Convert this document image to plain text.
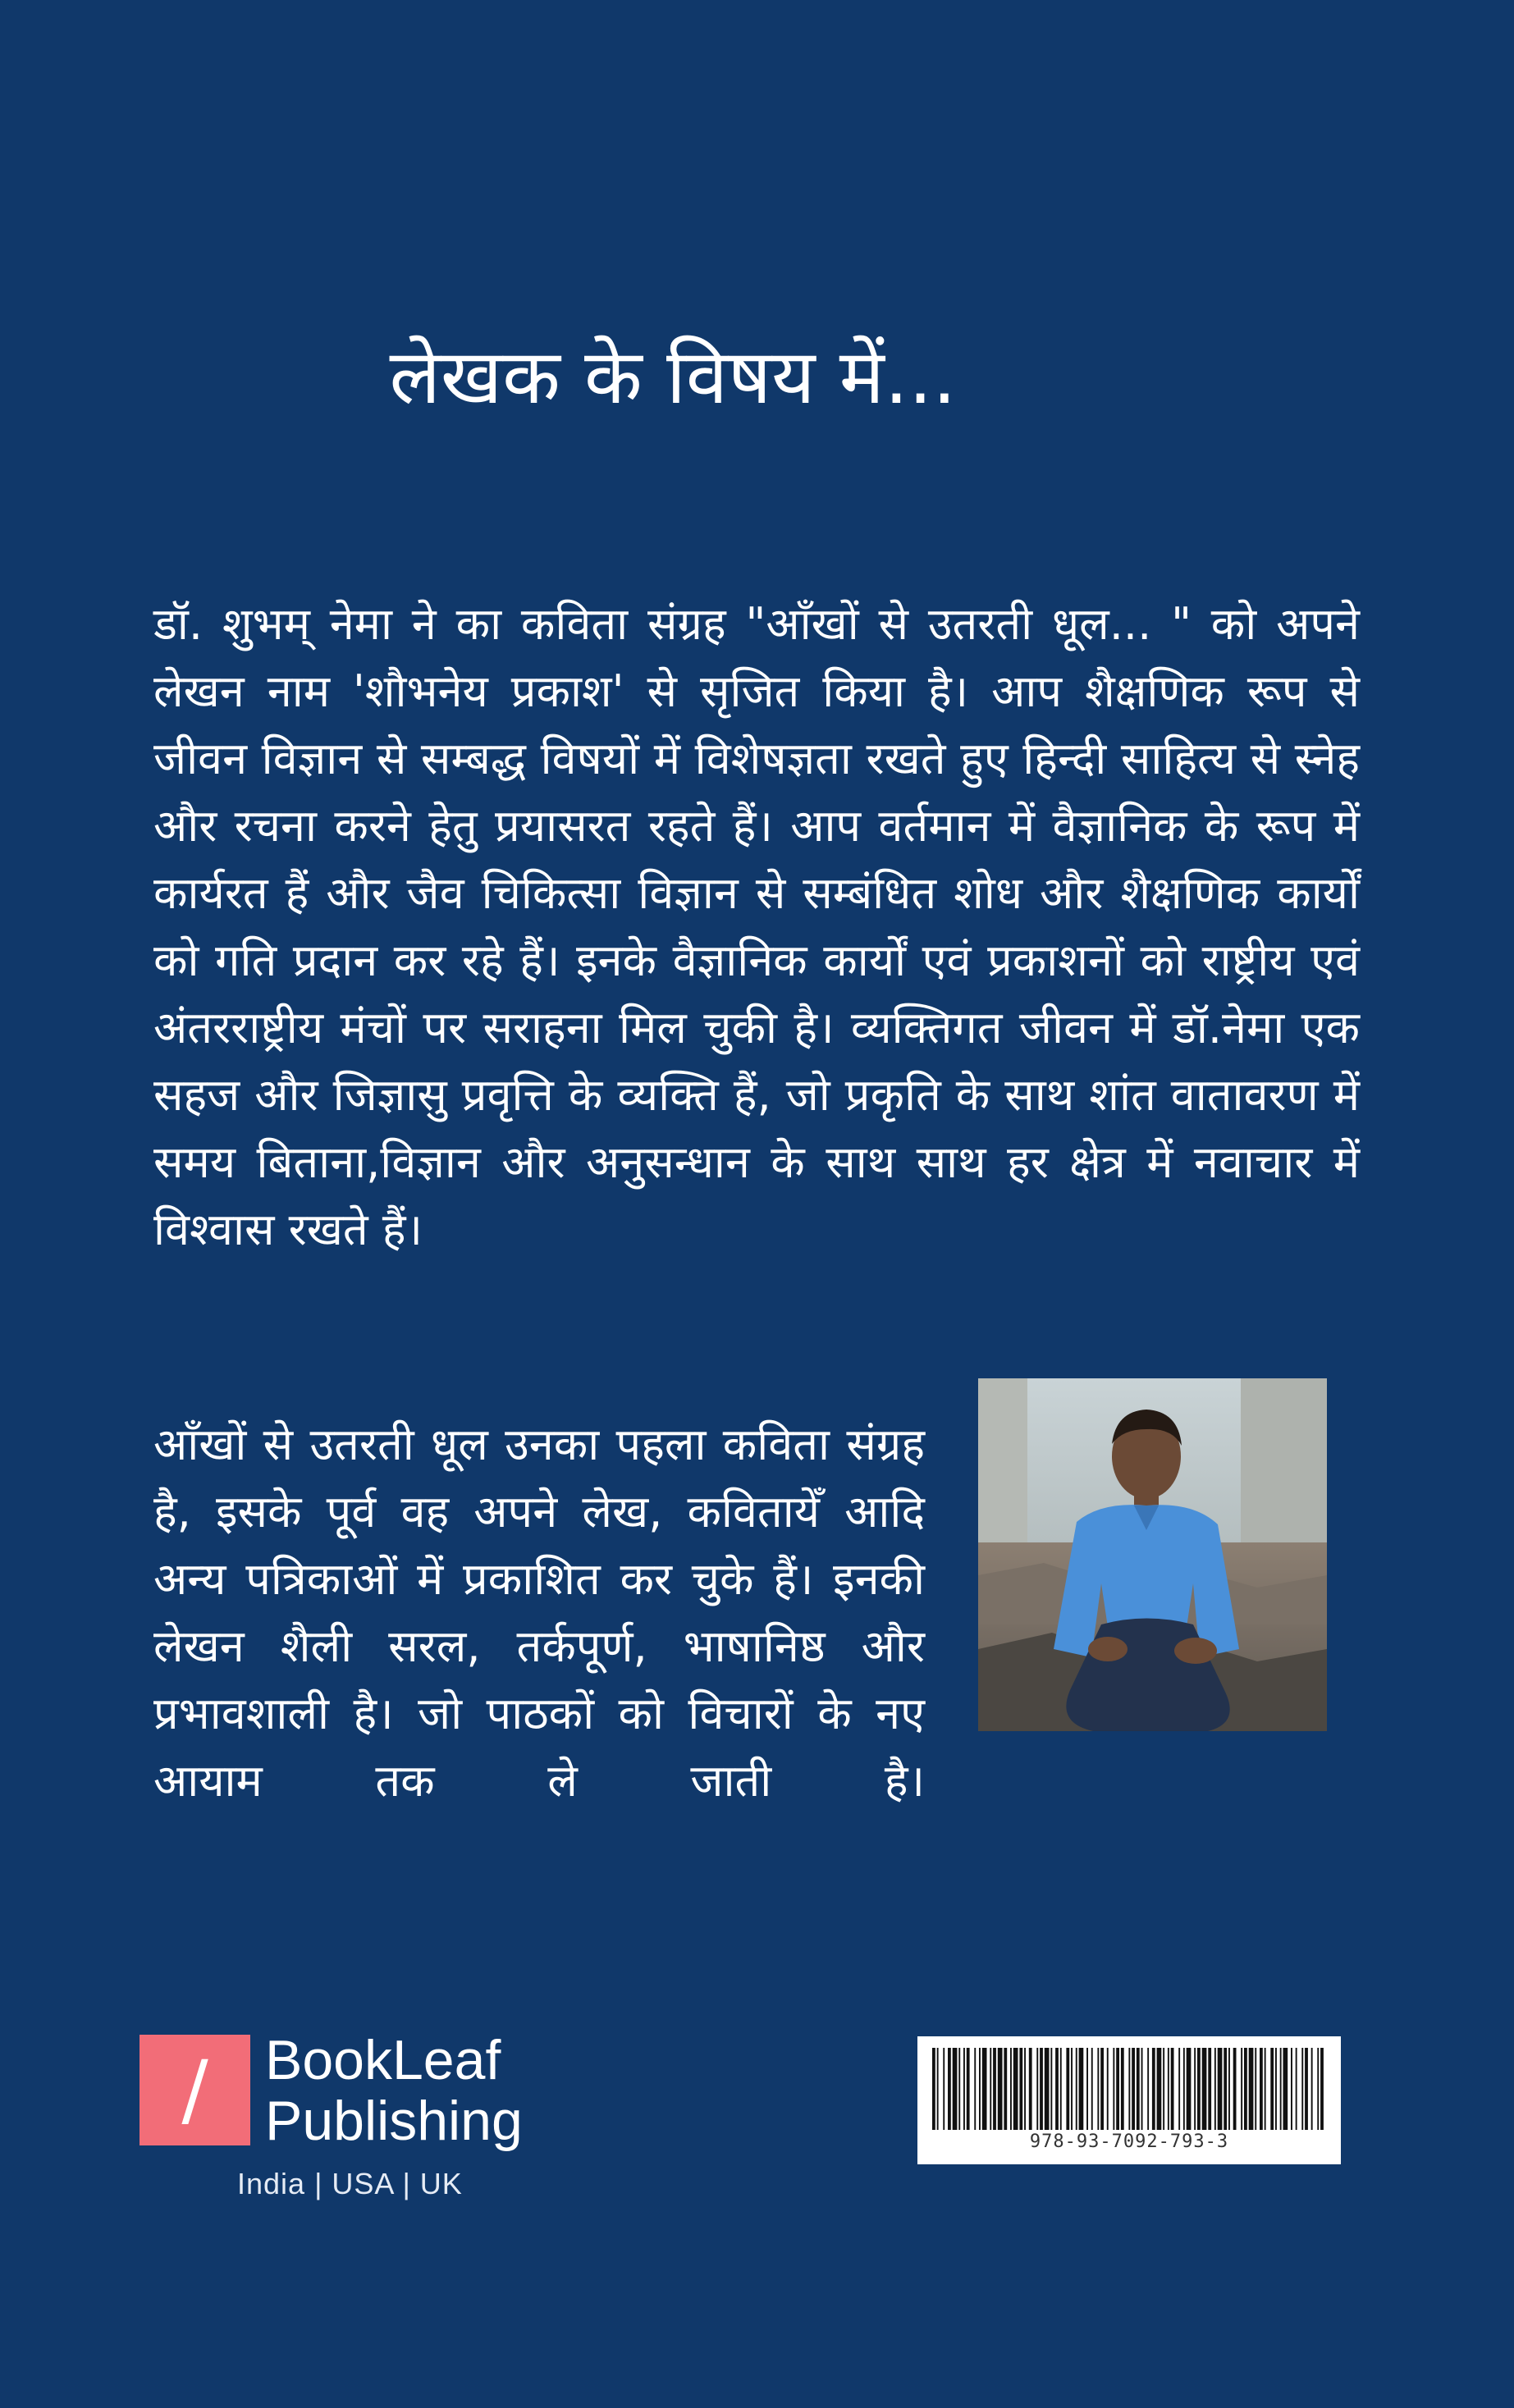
लेखक के विषय में...

डॉ. शुभम् नेमा ने का कविता संग्रह "आँखों से उतरती धूल... " को अपने लेखन नाम 'शौभनेय प्रकाश' से सृजित किया है। आप शैक्षणिक रूप से जीवन विज्ञान से सम्बद्ध विषयों में विशेषज्ञता रखते हुए हिन्दी साहित्य से स्नेह और रचना करने हेतु प्रयासरत रहते हैं। आप वर्तमान में वैज्ञानिक के रूप में कार्यरत हैं और जैव चिकित्सा विज्ञान से सम्बंधित शोध और शैक्षणिक कार्यों को गति प्रदान कर रहे हैं। इनके वैज्ञानिक कार्यों एवं प्रकाशनों को राष्ट्रीय एवं अंतरराष्ट्रीय मंचों पर सराहना मिल चुकी है। व्यक्तिगत जीवन में डॉ.नेमा एक सहज और जिज्ञासु प्रवृत्ति के व्यक्ति हैं, जो प्रकृति के साथ शांत वातावरण में समय बिताना,विज्ञान और अनुसन्धान के साथ साथ हर क्षेत्र में नवाचार में विश्वास रखते हैं।

आँखों से उतरती धूल उनका पहला कविता संग्रह है, इसके पूर्व वह अपने लेख, कवितायेँ आदि अन्य पत्रिकाओं में प्रकाशित कर चुके हैं। इनकी लेखन शैली सरल, तर्कपूर्ण, भाषानिष्ठ और प्रभावशाली है। जो पाठकों को विचारों के नए आयाम तक ले जाती है।

/	BookLeaf
Publishing
India | USA | UK
978-93-7092-793-3
